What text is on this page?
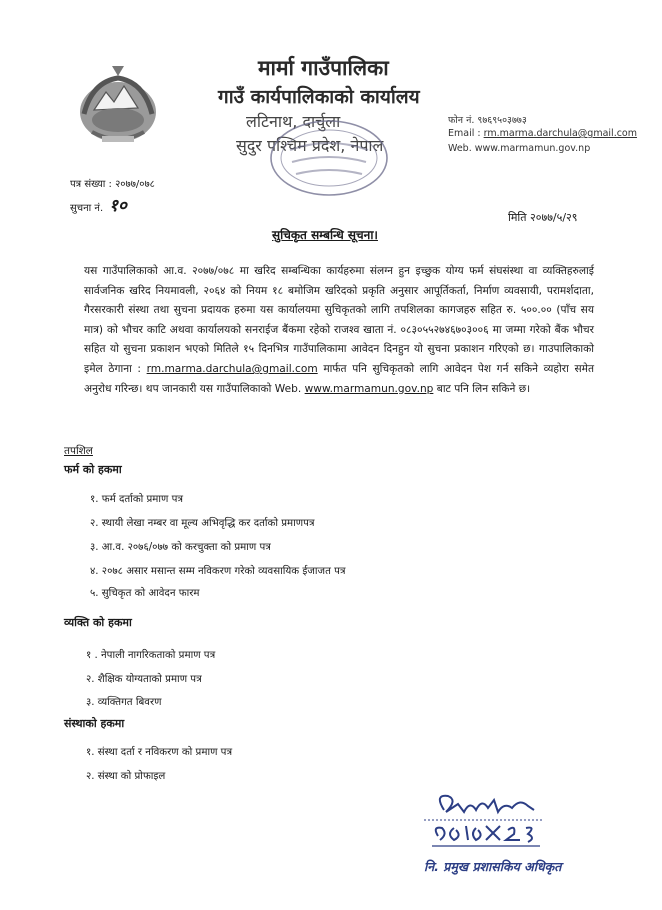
मार्मा गाउँपालिका
गाउँ कार्यपालिकाको कार्यालय
लटिनाथ, दार्चुला
सुदुर पश्चिम प्रदेश, नेपाल
फोन नं. ९७६९५०३७७३
Email : rm.marma.darchula@gmail.com
Web. www.marmamun.gov.np
पत्र संख्या : २०७७/०७८
सुचना नं. १०
मिति २०७७/५/२९
सुचिकृत सम्बन्धि सूचना।
यस गाउँपालिकाको आ.व. २०७७/०७८ मा खरिद सम्बन्धिका कार्यहरुमा संलग्न हुन इच्छुक योग्य फर्म संघसंस्था वा व्यक्तिहरुलाई सार्वजनिक खरिद नियमावली, २०६४ को नियम १८ बमोजिम खरिदको प्रकृति अनुसार आपूर्तिकर्ता, निर्माण व्यवसायी, परामर्शदाता, गैरसरकारी संस्था तथा सुचना प्रदायक हरुमा यस कार्यालयमा सुचिकृतको लागि तपशिलका कागजहरु सहित रु. ५००.०० (पाँच सय मात्र) को भौचर काटि अथवा कार्यालयको सनराईज बैंकमा रहेको राजश्व खाता नं. ०८३०५५२७४६७०३००६ मा जम्मा गरेको बैंक भौचर सहित यो सुचना प्रकाशन भएको मितिले १५ दिनभित्र गाउँपालिकामा आवेदन दिनहुन यो सुचना प्रकाशन गरिएको छ। गाउपालिकाको इमेल ठेगाना : rm.marma.darchula@gmail.com मार्फत पनि सुचिकृतको लागि आवेदन पेश गर्न सकिने व्यहोरा समेत अनुरोध गरिन्छ। थप जानकारी यस गाउँपालिकाको Web. www.marmamun.gov.np बाट पनि लिन सकिने छ।
तपशिल
फर्म को हकमा
१. फर्म दर्ताको प्रमाण पत्र
२. स्थायी लेखा नम्बर वा मूल्य अभिवृद्धि कर दर्ताको प्रमाणपत्र
३. आ.व. २०७६/०७७ को करचुक्ता को प्रमाण पत्र
४. २०७८ असार मसान्त सम्म नविकरण गरेको व्यवसायिक ईजाजत पत्र
५. सुचिकृत को आवेदन फारम
व्यक्ति को हकमा
१ . नेपाली नागरिकताको प्रमाण पत्र
२. शैक्षिक योग्यताको प्रमाण पत्र
३. व्यक्तिगत बिवरण
संस्थाको हकमा
१. संस्था दर्ता र नविकरण को प्रमाण पत्र
२. संस्था को प्रोफाइल
नि. प्रमुख प्रशासकिय अधिकृत
